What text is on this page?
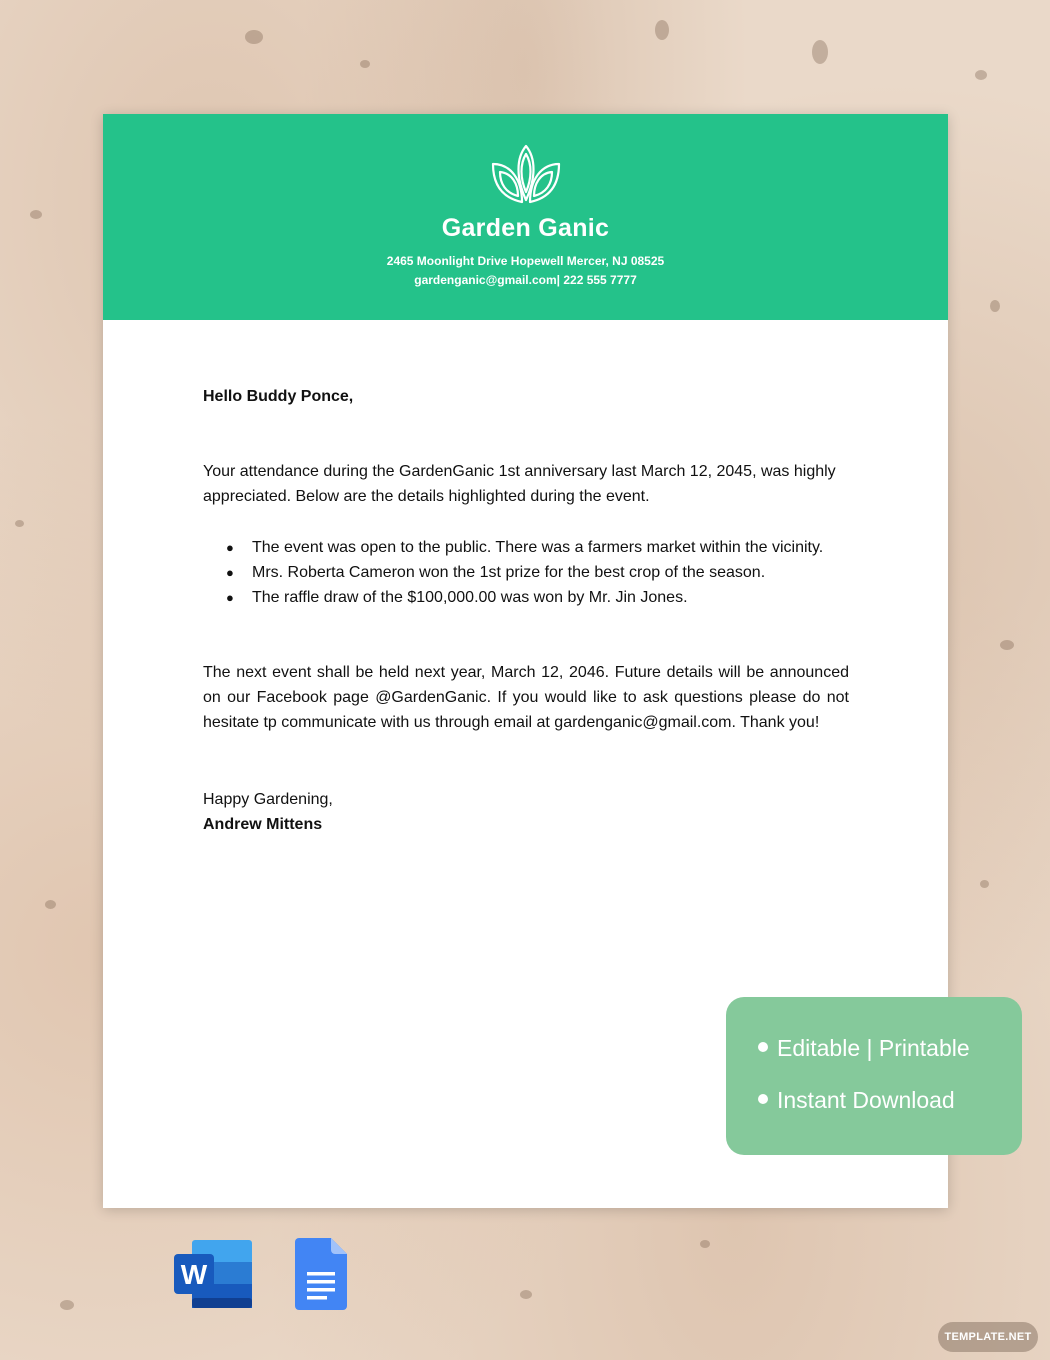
Garden Ganic
2465 Moonlight Drive Hopewell Mercer, NJ 08525
gardenganic@gmail.com| 222 555 7777
Hello Buddy Ponce,
Your attendance during the GardenGanic 1st anniversary last March 12, 2045, was highly appreciated. Below are the details highlighted during the event.
● The event was open to the public. There was a farmers market within the vicinity.
● Mrs. Roberta Cameron won the 1st prize for the best crop of the season.
● The raffle draw of the $100,000.00 was won by Mr. Jin Jones.
The next event shall be held next year, March 12, 2046. Future details will be announced on our Facebook page @GardenGanic. If you would like to ask questions please do not hesitate tp communicate with us through email at gardenganic@gmail.com. Thank you!
Happy Gardening,
Andrew Mittens
Editable | Printable
Instant Download
W
TEMPLATE.NET
